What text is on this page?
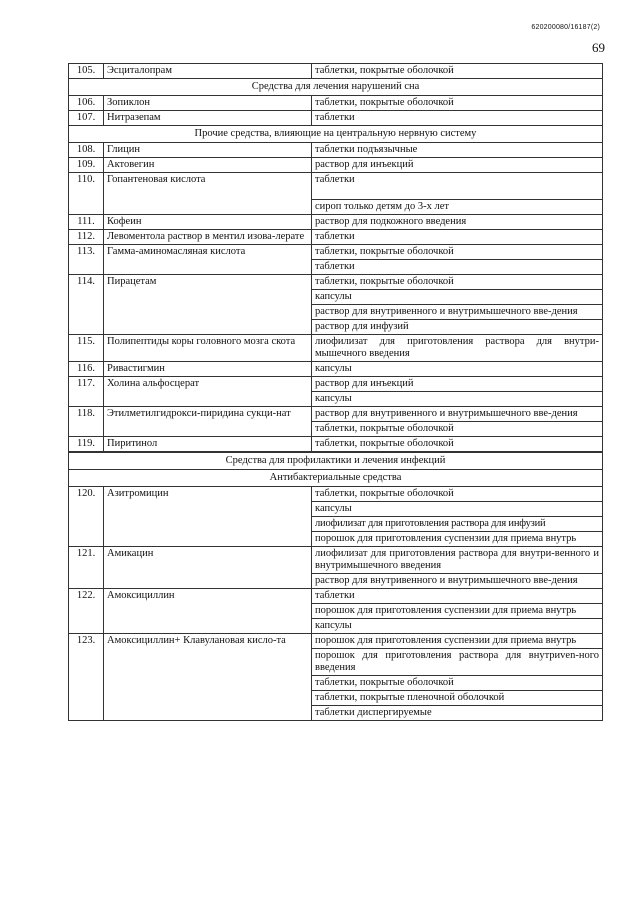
620200080/16187(2)
69
105.	Эсциталопрам	таблетки, покрытые оболочкой
Средства для лечения нарушений сна		
106.	Зопиклон	таблетки, покрытые оболочкой
107.	Нитразепам	таблетки
Прочие средства, влияющие на центральную нервную систему		
108.	Глицин	таблетки подъязычные
109.	Актовегин	раствор для инъекций
110.	Гопантеновая кислота	таблетки
		сироп только детям до 3-х лет
111.	Кофеин	раствор для подкожного введения
112.	Левоментола раствор в ментил изова-лерате	таблетки
113.	Гамма-аминомасляная кислота	таблетки, покрытые оболочкой
		таблетки
114.	Пирацетам	таблетки, покрытые оболочкой
		капсулы
		раствор для внутривенного и внутримышечного вве-дения
		раствор для инфузий
115.	Полипептиды коры головного мозга скота	лиофилизат для приготовления раствора для внутри-мышечного введения
116.	Ривастигмин	капсулы
117.	Холина альфосцерат	раствор для инъекций
		капсулы
118.	Этилметилгидрокси-пиридина сукци-нат	раствор для внутривенного и внутримышечного вве-дения
		таблетки, покрытые оболочкой
119.	Пиритинол	таблетки, покрытые оболочкой
Средства для профилактики и лечения инфекций		
Антибактериальные средства		
120.	Азитромицин	таблетки, покрытые оболочкой
		капсулы
		лиофилизат для приготовления раствора для инфузий
		порошок для приготовления суспензии для приема внутрь
121.	Амикацин	лиофилизат для приготовления раствора для внутри-венного и внутримышечного введения
		раствор для внутривенного и внутримышечного вве-дения
122.	Амоксициллин	таблетки
		порошок для приготовления суспензии для приема внутрь
		капсулы
123.	Амоксициллин+ Клавулановая кисло-та	порошок для приготовления суспензии для приема внутрь
		порошок для приготовления раствора для внутриven-ного введения
		таблетки, покрытые оболочкой
		таблетки, покрытые пленочной оболочкой
		таблетки диспергируемые
